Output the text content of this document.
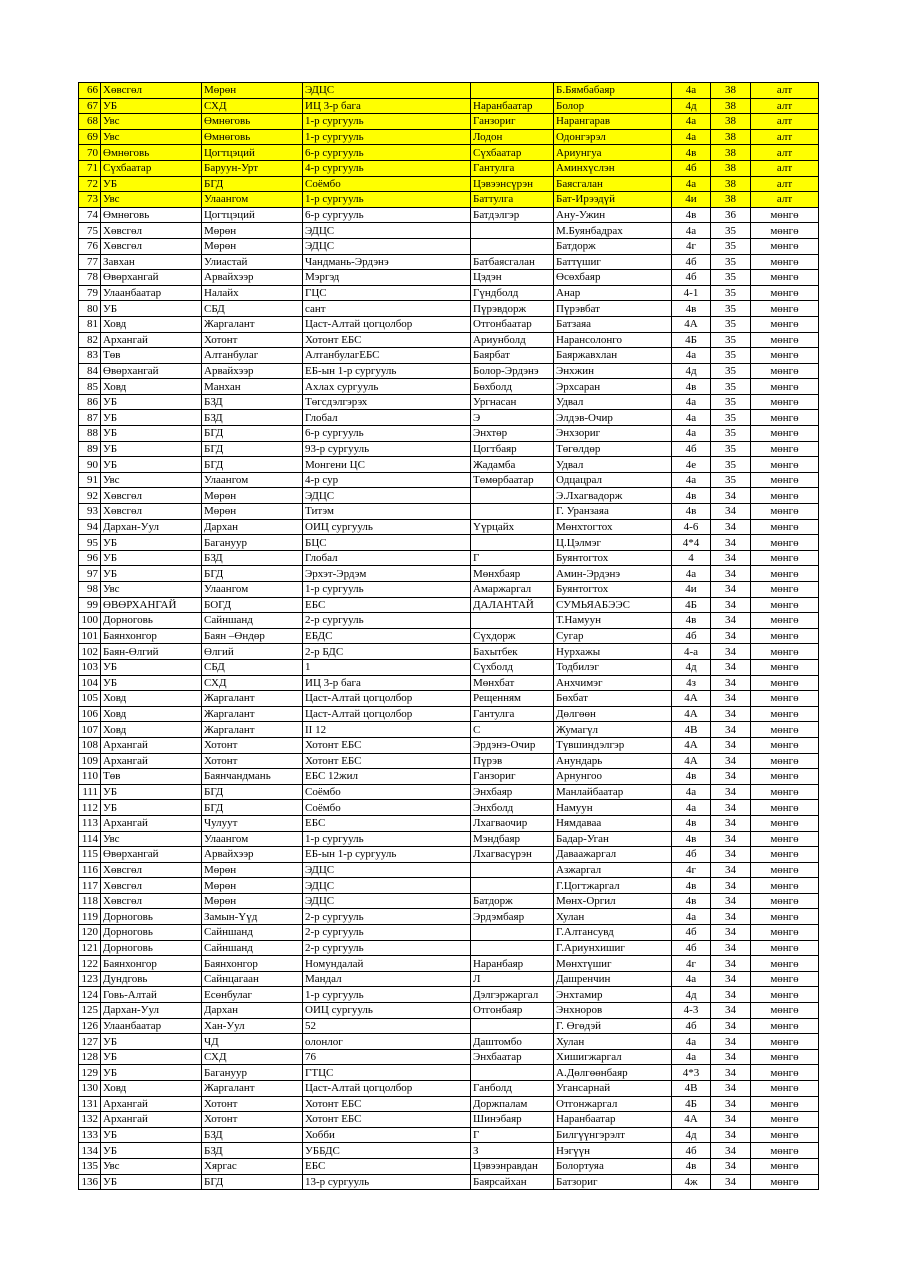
66	Хөвсгөл	Мөрөн	ЭДЦС		Б.Бямбабаяр	4а	38	алт
67	УБ	СХД	ИЦ 3-р бага	Наранбаатар	Болор	4д	38	алт
68	Увс	Өмнөговь	1-р сургууль	Ганзориг	Нарангарав	4а	38	алт
69	Увс	Өмнөговь	1-р сургууль	Лодон	Одонгэрэл	4а	38	алт
70	Өмнөговь	Цогтцэций	6-р сургууль	Сүхбаатар	Ариунгуа	4в	38	алт
71	Сүхбаатар	Баруун-Урт	4-р сургууль	Гантулга	Аминхүслэн	4б	38	алт
72	УБ	БГД	Соёмбо	Цэвээнсүрэн	Баясгалан	4а	38	алт
73	Увс	Улаангом	1-р сургууль	Баттулга	Бат-Ирээдүй	4и	38	алт
74	Өмнөговь	Цогтцэций	6-р сургууль	Батдэлгэр	Ану-Ужин	4в	36	мөнгө
75	Хөвсгөл	Мөрөн	ЭДЦС		М.Буянбадрах	4а	35	мөнгө
76	Хөвсгөл	Мөрөн	ЭДЦС		Батдорж	4г	35	мөнгө
77	Завхан	Улиастай	Чандмань-Эрдэнэ	Батбаясгалан	Баттүшиг	4б	35	мөнгө
78	Өвөрхангай	Арвайхээр	Мэргэд	Цэдэн	Өсөхбаяр	4б	35	мөнгө
79	Улаанбаатар	Налайх	ГЦС	Гүндболд	Анар	4-1	35	мөнгө
80	УБ	СБД	сант	Пүрэвдорж	Пүрэвбат	4в	35	мөнгө
81	Ховд	Жаргалант	Цаст-Алтай цогцолбор	Отгонбаатар	Батзаяа	4А	35	мөнгө
82	Архангай	Хотонт	Хотонт ЕБС	Ариунболд	Нарансолонго	4Б	35	мөнгө
83	Төв	Алтанбулаг	АлтанбулагЕБС	Баярбат	Баяржавхлан	4а	35	мөнгө
84	Өвөрхангай	Арвайхээр	ЕБ-ын 1-р сургууль	Болор-Эрдэнэ	Энхжин	4д	35	мөнгө
85	Ховд	Манхан	Ахлах сургууль	Бөхболд	Эрхсаран	4в	35	мөнгө
86	УБ	БЗД	Төгсдэлгэрэх	Ургнасан	Удвал	4а	35	мөнгө
87	УБ	БЗД	Глобал	Э	Элдэв-Очир	4а	35	мөнгө
88	УБ	БГД	6-р сургууль	Энхтөр	Энхзориг	4а	35	мөнгө
89	УБ	БГД	93-р сургууль	Цогтбаяр	Төгөлдөр	4б	35	мөнгө
90	УБ	БГД	Монгени ЦС	Жадамба	Удвал	4е	35	мөнгө
91	Увс	Улаангом	4-р сур	Төмөрбаатар	Одцацрал	4а	35	мөнгө
92	Хөвсгөл	Мөрөн	ЭДЦС		Э.Лхагвадорж	4в	34	мөнгө
93	Хөвсгөл	Мөрөн	Титэм		Г. Уранзаяа	4в	34	мөнгө
94	Дархан-Уул	Дархан	ОИЦ сургууль	Үүрцайх	Мөнхтогтох	4-6	34	мөнгө
95	УБ	Багануур	БЦС		Ц.Цэлмэг	4*4	34	мөнгө
96	УБ	БЗД	Глобал	Г	Буянтогтох	4	34	мөнгө
97	УБ	БГД	Эрхэт-Эрдэм	Мөнхбаяр	Амин-Эрдэнэ	4а	34	мөнгө
98	Увс	Улаангом	1-р сургууль	Амаржаргал	Буянтогтох	4и	34	мөнгө
99	ӨВӨРХАНГАЙ	БОГД	ЕБС	ДАЛАНТАЙ	СУМЬЯАБЭЭС	4Б	34	мөнгө
100	Дорноговь	Сайншанд	2-р сургууль		Т.Намуун	4в	34	мөнгө
101	Баянхонгор	Баян –Өндөр	ЕБДС	Сүхдорж	Сугар	4б	34	мөнгө
102	Баян-Өлгий	Өлгий	2-р БДС	Бахытбек	Нурхажы	4-а	34	мөнгө
103	УБ	СБД	1	Сүхболд	Тодбилэг	4д	34	мөнгө
104	УБ	СХД	ИЦ 3-р бага	Мөнхбат	Анхчимэг	4з	34	мөнгө
105	Ховд	Жаргалант	Цаст-Алтай цогцолбор	Рещенням	Бөхбат	4А	34	мөнгө
106	Ховд	Жаргалант	Цаст-Алтай цогцолбор	Гантулга	Дөлгөөн	4А	34	мөнгө
107	Ховд	Жаргалант	II 12	С	Жумагүл	4В	34	мөнгө
108	Архангай	Хотонт	Хотонт ЕБС	Эрдэнэ-Очир	Түвшиндэлгэр	4А	34	мөнгө
109	Архангай	Хотонт	Хотонт ЕБС	Пүрэв	Анундарь	4А	34	мөнгө
110	Төв	Баянчандмань	ЕБС 12жил	Ганзориг	Арнунгоо	4в	34	мөнгө
111	УБ	БГД	Соёмбо	Энхбаяр	Манлайбаатар	4а	34	мөнгө
112	УБ	БГД	Соёмбо	Энхболд	Намуун	4а	34	мөнгө
113	Архангай	Чулуут	ЕБС	Лхагваочир	Нямдаваа	4в	34	мөнгө
114	Увс	Улаангом	1-р сургууль	Мэндбаяр	Бадар-Уган	4в	34	мөнгө
115	Өвөрхангай	Арвайхээр	ЕБ-ын 1-р сургууль	Лхагвасүрэн	Даваажаргал	4б	34	мөнгө
116	Хөвсгөл	Мөрөн	ЭДЦС		Азжаргал	4г	34	мөнгө
117	Хөвсгөл	Мөрөн	ЭДЦС		Г.Цогтжаргал	4в	34	мөнгө
118	Хөвсгөл	Мөрөн	ЭДЦС	Батдорж	Мөнх-Оргил	4в	34	мөнгө
119	Дорноговь	Замын-Үүд	2-р сургууль	Эрдэмбаяр	Хулан	4а	34	мөнгө
120	Дорноговь	Сайншанд	2-р сургууль		Г.Алтансувд	4б	34	мөнгө
121	Дорноговь	Сайншанд	2-р сургууль		Г.Ариунхишиг	4б	34	мөнгө
122	Баянхонгор	Баянхонгор	Номундалай	Наранбаяр	Мөнхтүшиг	4г	34	мөнгө
123	Дундговь	Сайнцагаан	Мандал	Л	Дашренчин	4а	34	мөнгө
124	Говь-Алтай	Есөнбулаг	1-р сургууль	Дэлгэржаргал	Энхтамир	4д	34	мөнгө
125	Дархан-Уул	Дархан	ОИЦ сургууль	Отгонбаяр	Энхноров	4-3	34	мөнгө
126	Улаанбаатар	Хан-Уул	52		Г. Өгөдэй	4б	34	мөнгө
127	УБ	ЧД	олонлог	Даштомбо	Хулан	4а	34	мөнгө
128	УБ	СХД	76	Энхбаатар	Хишигжаргал	4а	34	мөнгө
129	УБ	Багануур	ГТЦС		А.Дөлгөөнбаяр	4*3	34	мөнгө
130	Ховд	Жаргалант	Цаст-Алтай цогцолбор	Ганболд	Угансарнай	4В	34	мөнгө
131	Архангай	Хотонт	Хотонт ЕБС	Доржпалам	Отгонжаргал	4Б	34	мөнгө
132	Архангай	Хотонт	Хотонт ЕБС	Шинэбаяр	Наранбаатар	4А	34	мөнгө
133	УБ	БЗД	Хобби	Г	Билгүүнгэрэлт	4д	34	мөнгө
134	УБ	БЗД	УББДС	З	Нэгүүн	4б	34	мөнгө
135	Увс	Хяргас	ЕБС	Цэвээнравдан	Болортуяа	4в	34	мөнгө
136	УБ	БГД	13-р сургууль	Баярсайхан	Батзориг	4ж	34	мөнгө
